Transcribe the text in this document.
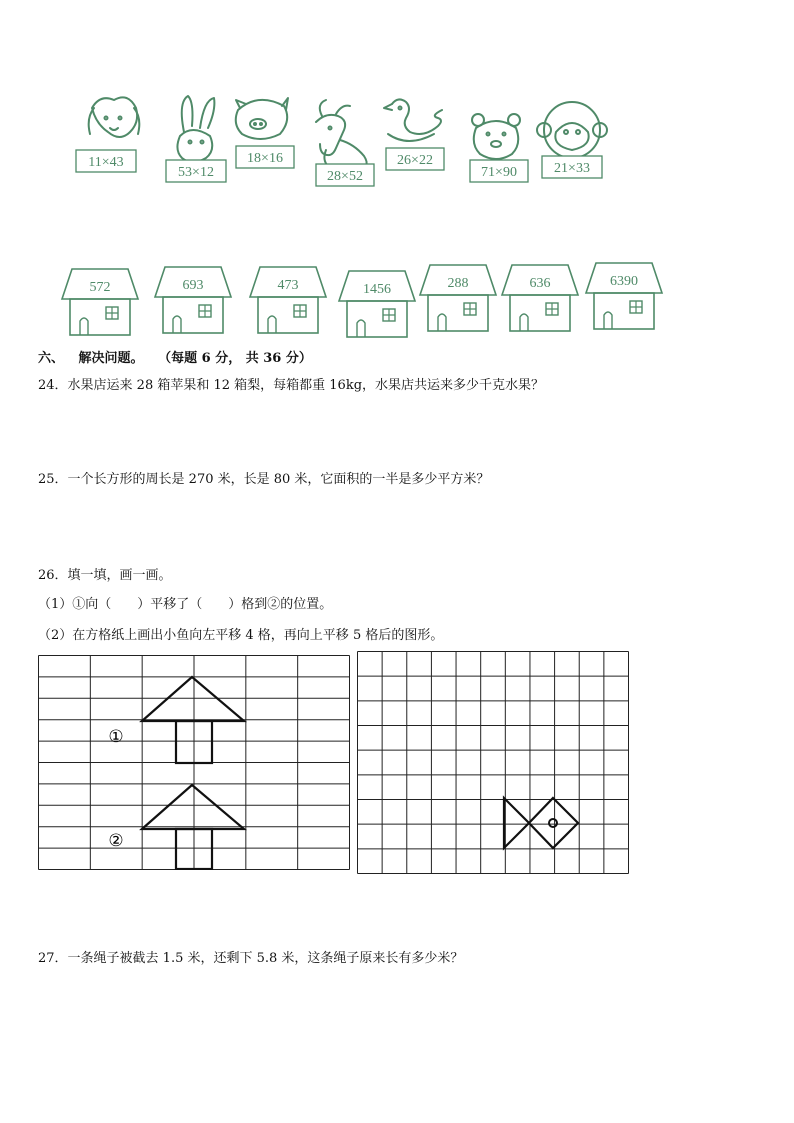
11×43
53×12
18×16
28×52
26×22
71×90	21×33
572	693	473	1456	288	636	6390
六、 解决问题。 （每题 6 分， 共 36 分）
24．水果店运来 28 箱苹果和 12 箱梨，每箱都重 16kg，水果店共运来多少千克水果？
25．一个长方形的周长是 270 米，长是 80 米，它面积的一半是多少平方米？
26．填一填，画一画。
（1）①向（　　）平移了（　　）格到②的位置。
（2）在方格纸上画出小鱼向左平移 4 格，再向上平移 5 格后的图形。
①
②
27．一条绳子被截去 1.5 米，还剩下 5.8 米，这条绳子原来长有多少米？
